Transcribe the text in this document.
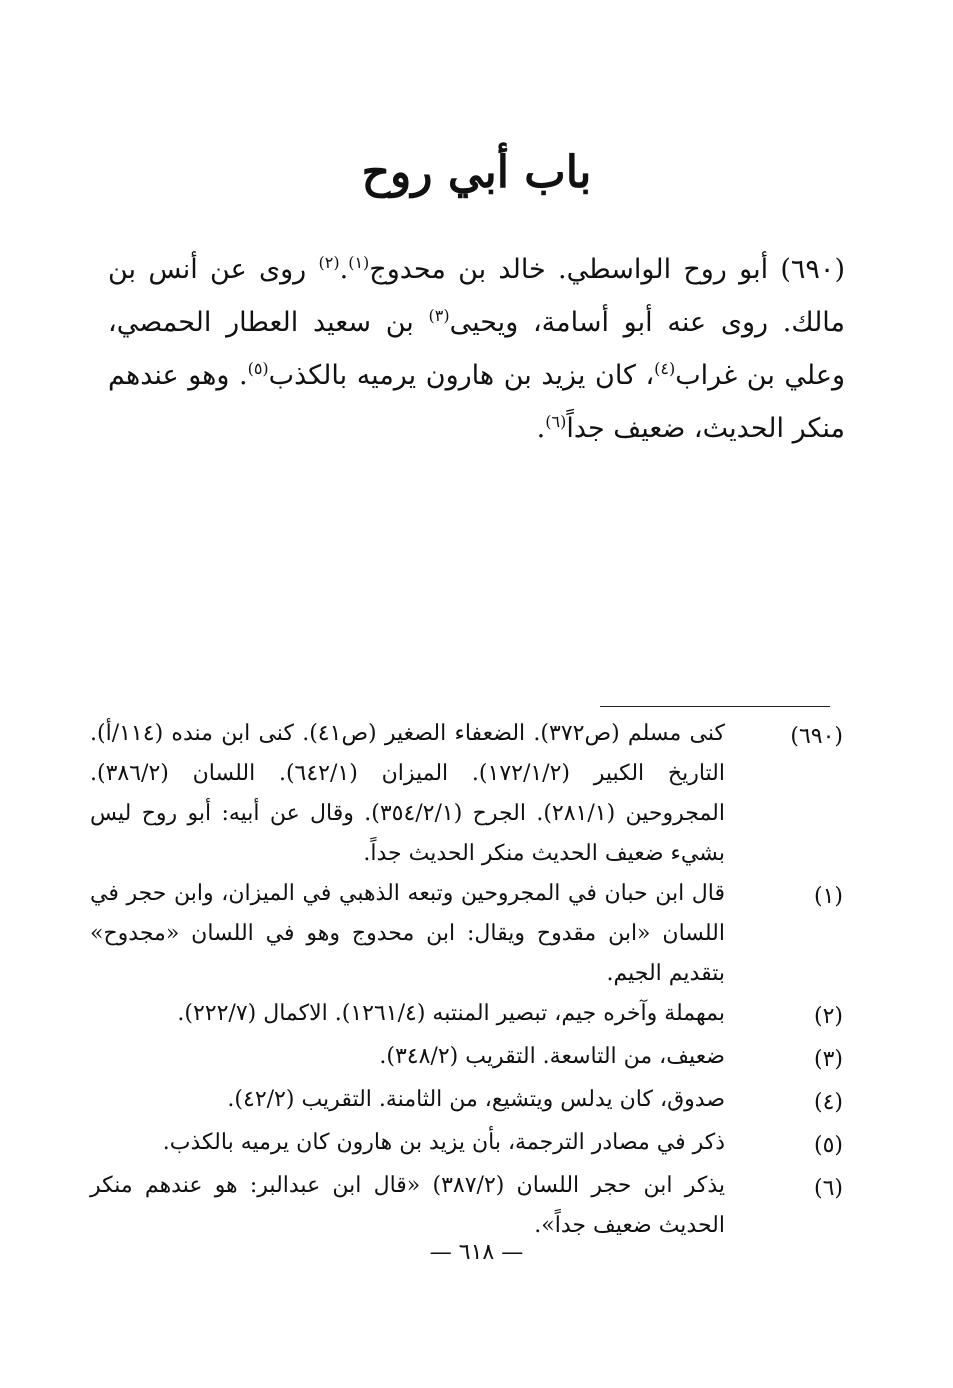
باب أبي روح
(٦٩٠) أبو روح الواسطي. خالد بن محدوج$^{(١)}$.$^{(٢)}$ روى عن أنس بن مالك. روى عنه أبو أسامة، ويحيى$^{(٣)}$ بن سعيد العطار الحمصي، وعلي بن غراب$^{(٤)}$، كان يزيد بن هارون يرميه بالكذب$^{(٥)}$. وهو عندهم منكر الحديث، ضعيف جداً$^{(٦)}$.
(٦٩٠)
كنى مسلم (ص٣٧٢). الضعفاء الصغير (ص٤١). كنى ابن منده (١١٤/أ). التاريخ الكبير (١٧٢/١/٢). الميزان (٦٤٢/١). اللسان (٣٨٦/٢). المجروحين (٢٨١/١). الجرح (٣٥٤/٢/١). وقال عن أبيه: أبو روح ليس بشيء ضعيف الحديث منكر الحديث جداً.
(١)
قال ابن حبان في المجروحين وتبعه الذهبي في الميزان، وابن حجر في اللسان «ابن مقدوح ويقال: ابن محدوج وهو في اللسان «مجدوح» بتقديم الجيم.
(٢)
بمهملة وآخره جيم، تبصير المنتبه (١٢٦١/٤). الاكمال (٢٢٢/٧).
(٣)
ضعيف، من التاسعة. التقريب (٣٤٨/٢).
(٤)
صدوق، كان يدلس ويتشيع، من الثامنة. التقريب (٤٢/٢).
(٥)
ذكر في مصادر الترجمة، بأن يزيد بن هارون كان يرميه بالكذب.
(٦)
يذكر ابن حجر اللسان (٣٨٧/٢) «قال ابن عبدالبر: هو عندهم منكر الحديث ضعيف جداً».
— ٦١٨ —
